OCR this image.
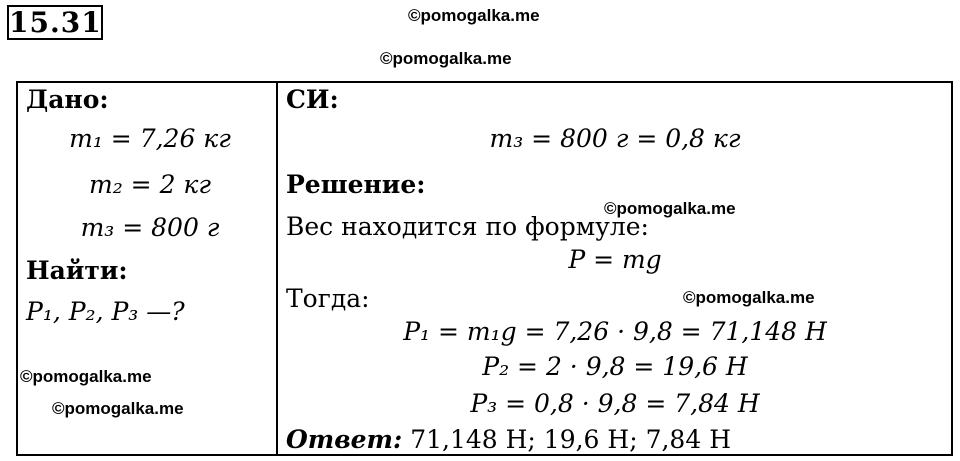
15.31	©pomogalka.me
©pomogalka.me
©pomogalka.me
©pomogalka.me
©pomogalka.me
©pomogalka.me
Дано:
m₁ = 7,26 кг
m₂ = 2 кг
m₃ = 800 г
Найти:
P₁, P₂, P₃ —?
СИ:
m₃ = 800 г = 0,8 кг
Решение:
Вес находится по формуле:
P = mg
Тогда:
P₁ = m₁g = 7,26 · 9,8 = 71,148 Н
P₂ = 2 · 9,8 = 19,6 Н
P₃ = 0,8 · 9,8 = 7,84 Н
Ответ: 71,148 Н; 19,6 Н; 7,84 Н
